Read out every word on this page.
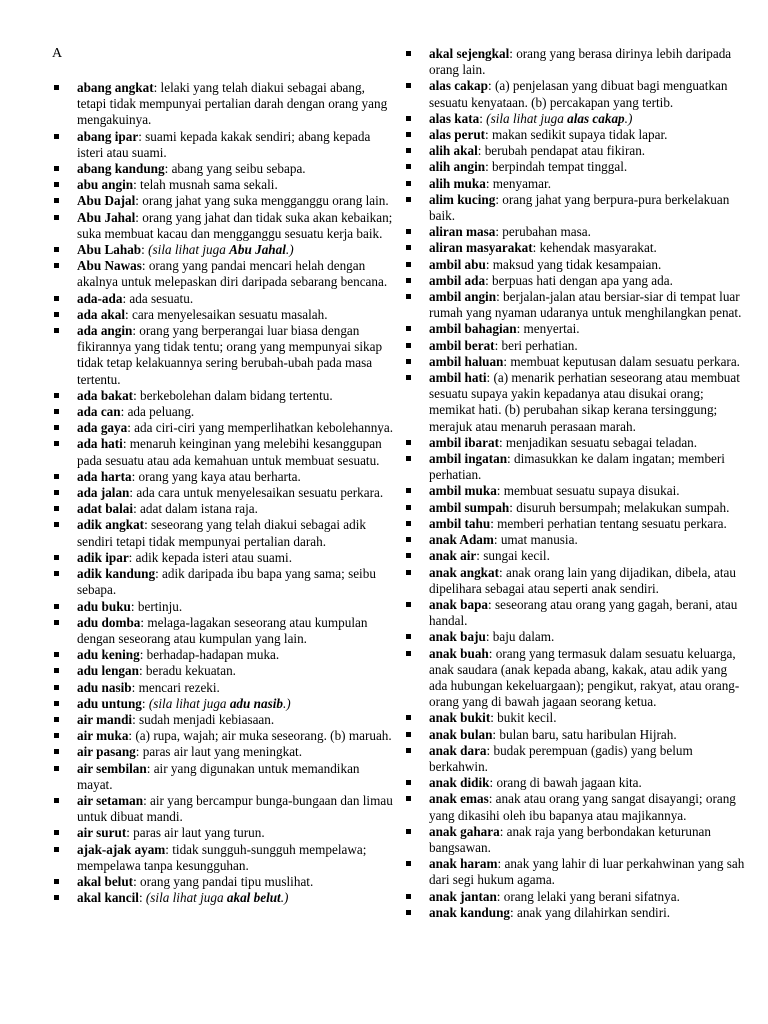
A
abang angkat: lelaki yang telah diakui sebagai abang, tetapi tidak mempunyai pertalian darah dengan orang yang mengakuinya.
abang ipar: suami kepada kakak sendiri; abang kepada isteri atau suami.
abang kandung: abang yang seibu sebapa.
abu angin: telah musnah sama sekali.
Abu Dajal: orang jahat yang suka mengganggu orang lain.
Abu Jahal: orang yang jahat dan tidak suka akan kebaikan; suka membuat kacau dan mengganggu sesuatu kerja baik.
Abu Lahab: (sila lihat juga Abu Jahal.)
Abu Nawas: orang yang pandai mencari helah dengan akalnya untuk melepaskan diri daripada sebarang bencana.
ada-ada: ada sesuatu.
ada akal: cara menyelesaikan sesuatu masalah.
ada angin: orang yang berperangai luar biasa dengan fikirannya yang tidak tentu; orang yang mempunyai sikap tidak tetap kelakuannya sering berubah-ubah pada masa tertentu.
ada bakat: berkebolehan dalam bidang tertentu.
ada can: ada peluang.
ada gaya: ada ciri-ciri yang memperlihatkan kebolehannya.
ada hati: menaruh keinginan yang melebihi kesanggupan pada sesuatu atau ada kemahuan untuk membuat sesuatu.
ada harta: orang yang kaya atau berharta.
ada jalan: ada cara untuk menyelesaikan sesuatu perkara.
adat balai: adat dalam istana raja.
adik angkat: seseorang yang telah diakui sebagai adik sendiri tetapi tidak mempunyai pertalian darah.
adik ipar: adik kepada isteri atau suami.
adik kandung: adik daripada ibu bapa yang sama; seibu sebapa.
adu buku: bertinju.
adu domba: melaga-lagakan seseorang atau kumpulan dengan seseorang atau kumpulan yang lain.
adu kening: berhadap-hadapan muka.
adu lengan: beradu kekuatan.
adu nasib: mencari rezeki.
adu untung: (sila lihat juga adu nasib.)
air mandi: sudah menjadi kebiasaan.
air muka: (a) rupa, wajah; air muka seseorang. (b) maruah.
air pasang: paras air laut yang meningkat.
air sembilan: air yang digunakan untuk memandikan mayat.
air setaman: air yang bercampur bunga-bungaan dan limau untuk dibuat mandi.
air surut: paras air laut yang turun.
ajak-ajak ayam: tidak sungguh-sungguh mempelawa; mempelawa tanpa kesungguhan.
akal belut: orang yang pandai tipu muslihat.
akal kancil: (sila lihat juga akal belut.)
akal sejengkal: orang yang berasa dirinya lebih daripada orang lain.
alas cakap: (a) penjelasan yang dibuat bagi menguatkan sesuatu kenyataan. (b) percakapan yang tertib.
alas kata: (sila lihat juga alas cakap.)
alas perut: makan sedikit supaya tidak lapar.
alih akal: berubah pendapat atau fikiran.
alih angin: berpindah tempat tinggal.
alih muka: menyamar.
alim kucing: orang jahat yang berpura-pura berkelakuan baik.
aliran masa: perubahan masa.
aliran masyarakat: kehendak masyarakat.
ambil abu: maksud yang tidak kesampaian.
ambil ada: berpuas hati dengan apa yang ada.
ambil angin: berjalan-jalan atau bersiar-siar di tempat luar rumah yang nyaman udaranya untuk menghilangkan penat.
ambil bahagian: menyertai.
ambil berat: beri perhatian.
ambil haluan: membuat keputusan dalam sesuatu perkara.
ambil hati: (a) menarik perhatian seseorang atau membuat sesuatu supaya yakin kepadanya atau disukai orang; memikat hati. (b) perubahan sikap kerana tersinggung; merajuk atau menaruh perasaan marah.
ambil ibarat: menjadikan sesuatu sebagai teladan.
ambil ingatan: dimasukkan ke dalam ingatan; memberi perhatian.
ambil muka: membuat sesuatu supaya disukai.
ambil sumpah: disuruh bersumpah; melakukan sumpah.
ambil tahu: memberi perhatian tentang sesuatu perkara.
anak Adam: umat manusia.
anak air: sungai kecil.
anak angkat: anak orang lain yang dijadikan, dibela, atau dipelihara sebagai atau seperti anak sendiri.
anak bapa: seseorang atau orang yang gagah, berani, atau handal.
anak baju: baju dalam.
anak buah: orang yang termasuk dalam sesuatu keluarga, anak saudara (anak kepada abang, kakak, atau adik yang ada hubungan kekeluargaan); pengikut, rakyat, atau orang-orang yang di bawah jagaan seorang ketua.
anak bukit: bukit kecil.
anak bulan: bulan baru, satu haribulan Hijrah.
anak dara: budak perempuan (gadis) yang belum berkahwin.
anak didik: orang di bawah jagaan kita.
anak emas: anak atau orang yang sangat disayangi; orang yang dikasihi oleh ibu bapanya atau majikannya.
anak gahara: anak raja yang berbondakan keturunan bangsawan.
anak haram: anak yang lahir di luar perkahwinan yang sah dari segi hukum agama.
anak jantan: orang lelaki yang berani sifatnya.
anak kandung: anak yang dilahirkan sendiri.
